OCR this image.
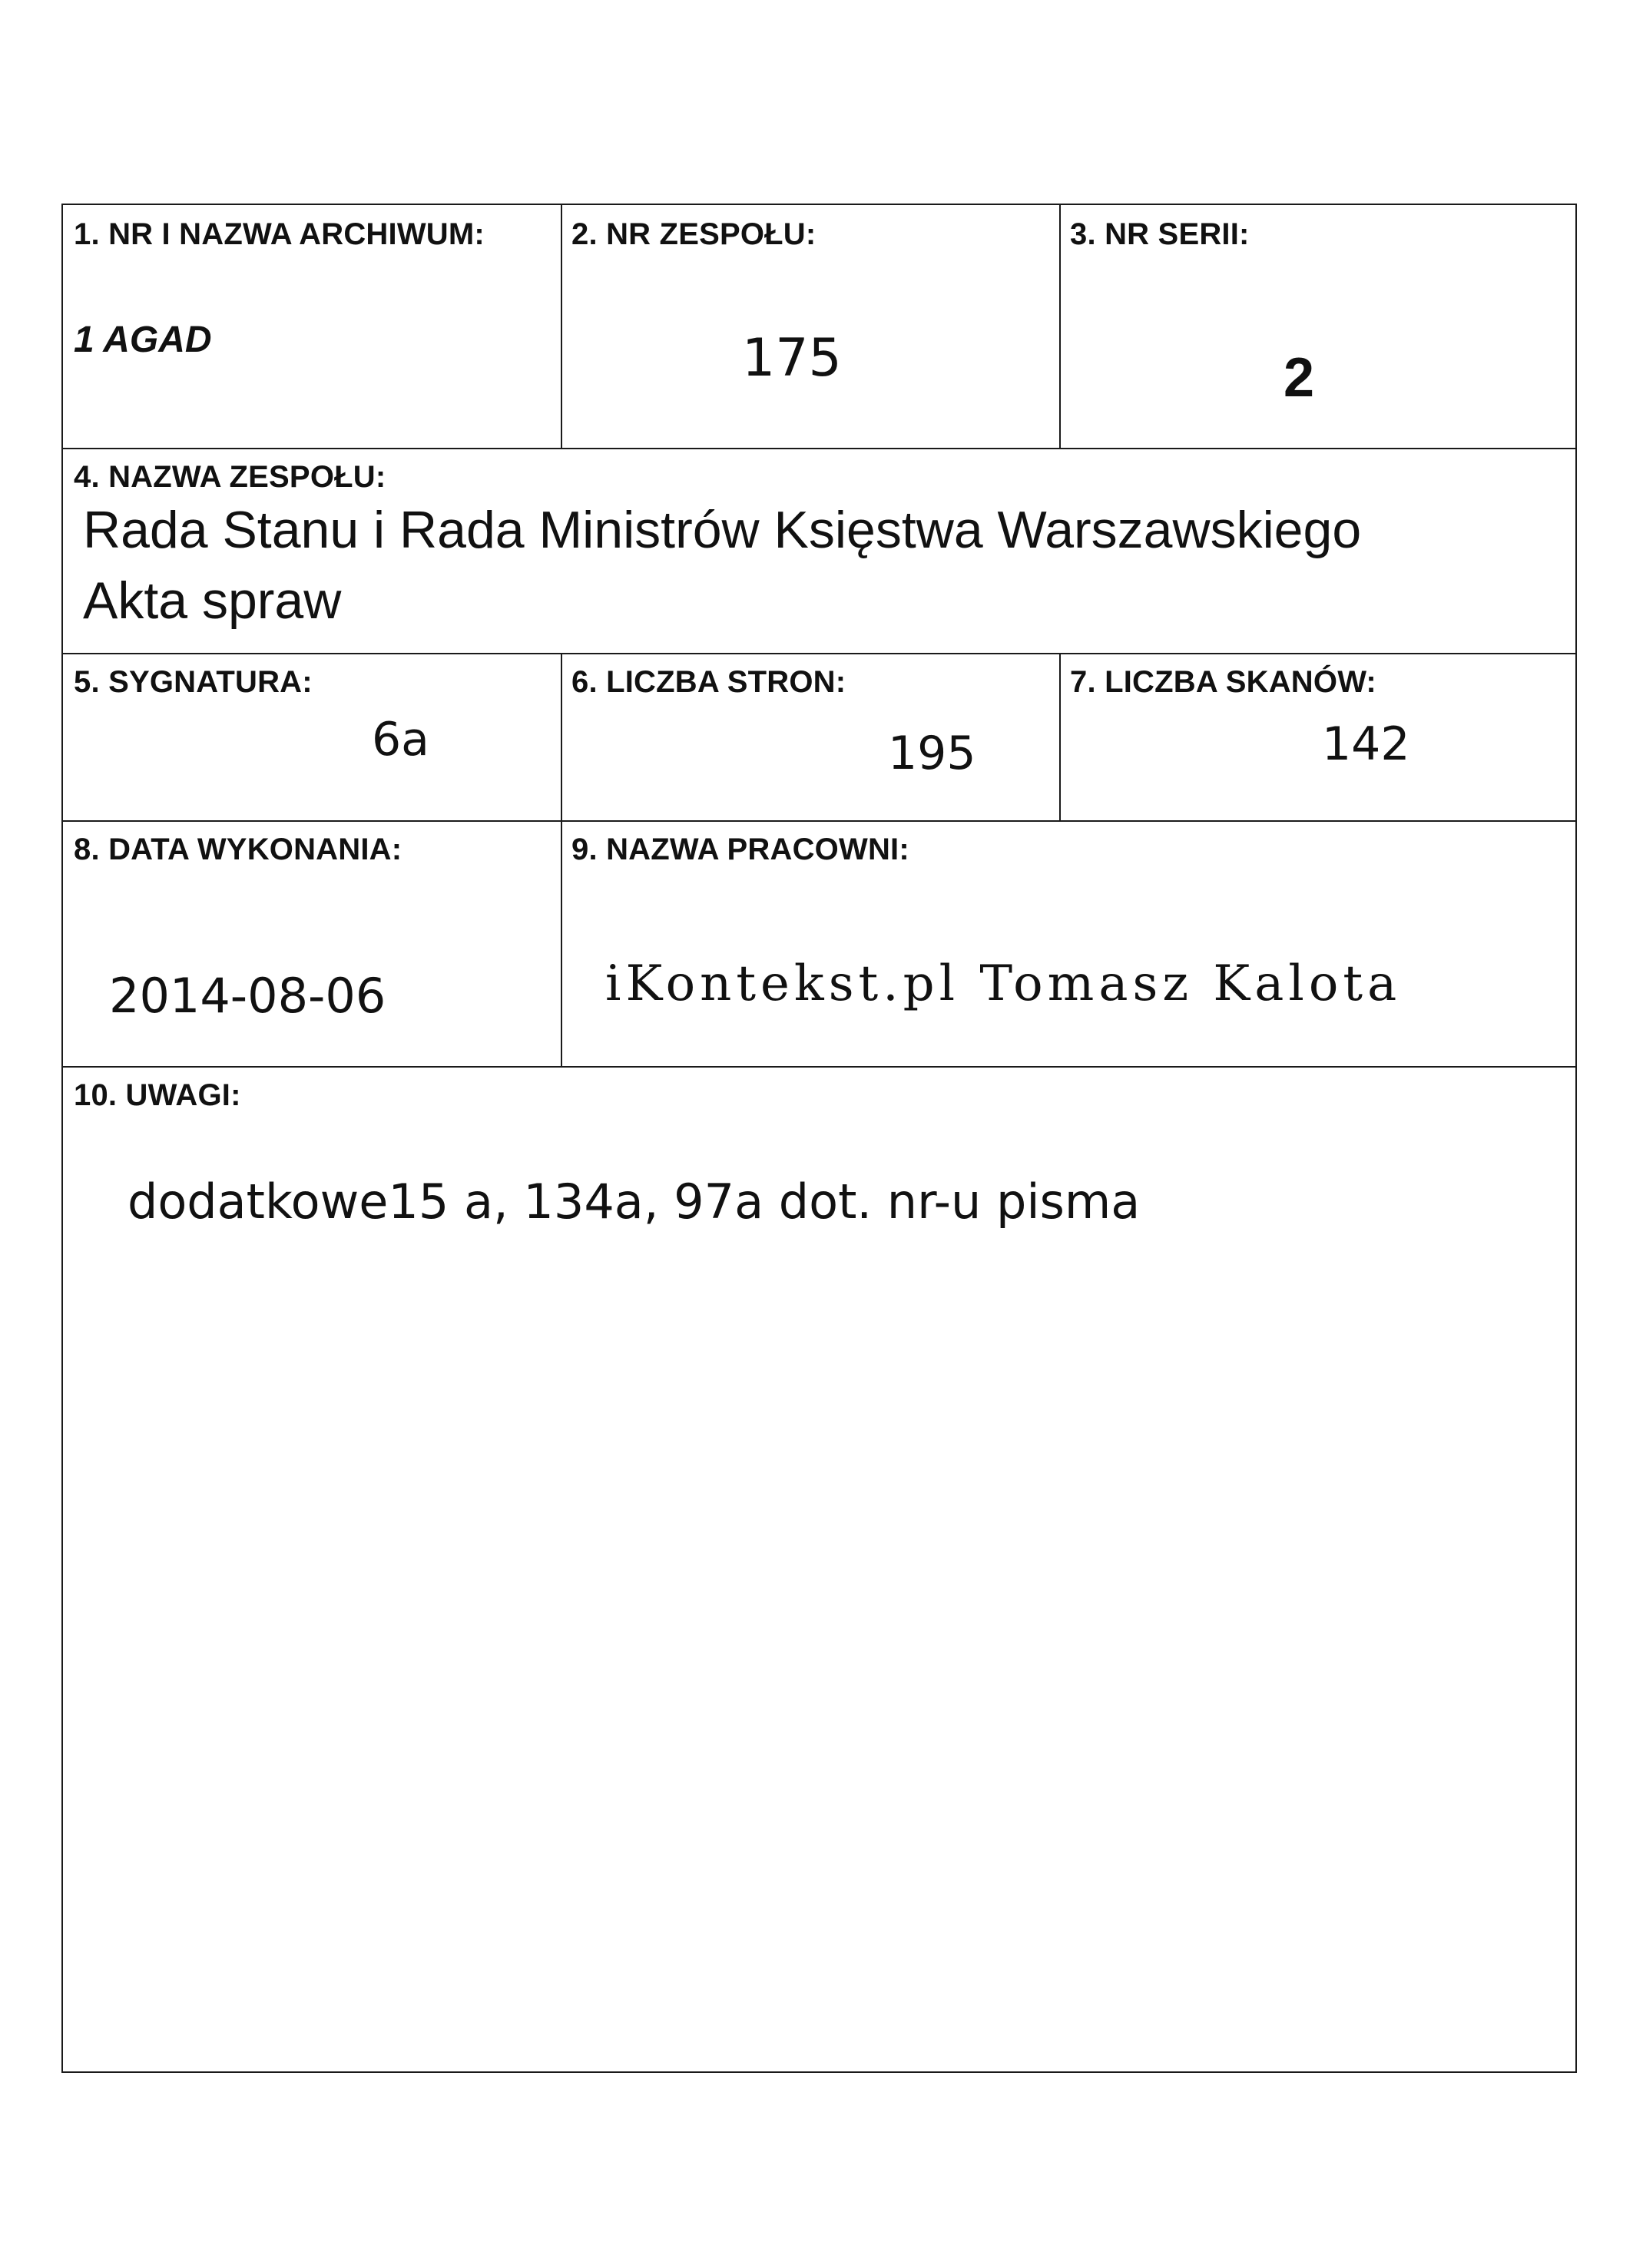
1. NR I NAZWA ARCHIWUM:
1 AGAD
2. NR ZESPOŁU:
175
3. NR SERII:
2
4. NAZWA ZESPOŁU:
Rada Stanu i Rada Ministrów Księstwa Warszawskiego
Akta spraw
5. SYGNATURA:
6a
6. LICZBA STRON:
195
7. LICZBA SKANÓW:
142
8. DATA WYKONANIA:
2014-08-06
9. NAZWA PRACOWNI:
iKontekst.pl Tomasz Kalota
10. UWAGI:
dodatkowe15 a, 134a, 97a dot. nr-u pisma
